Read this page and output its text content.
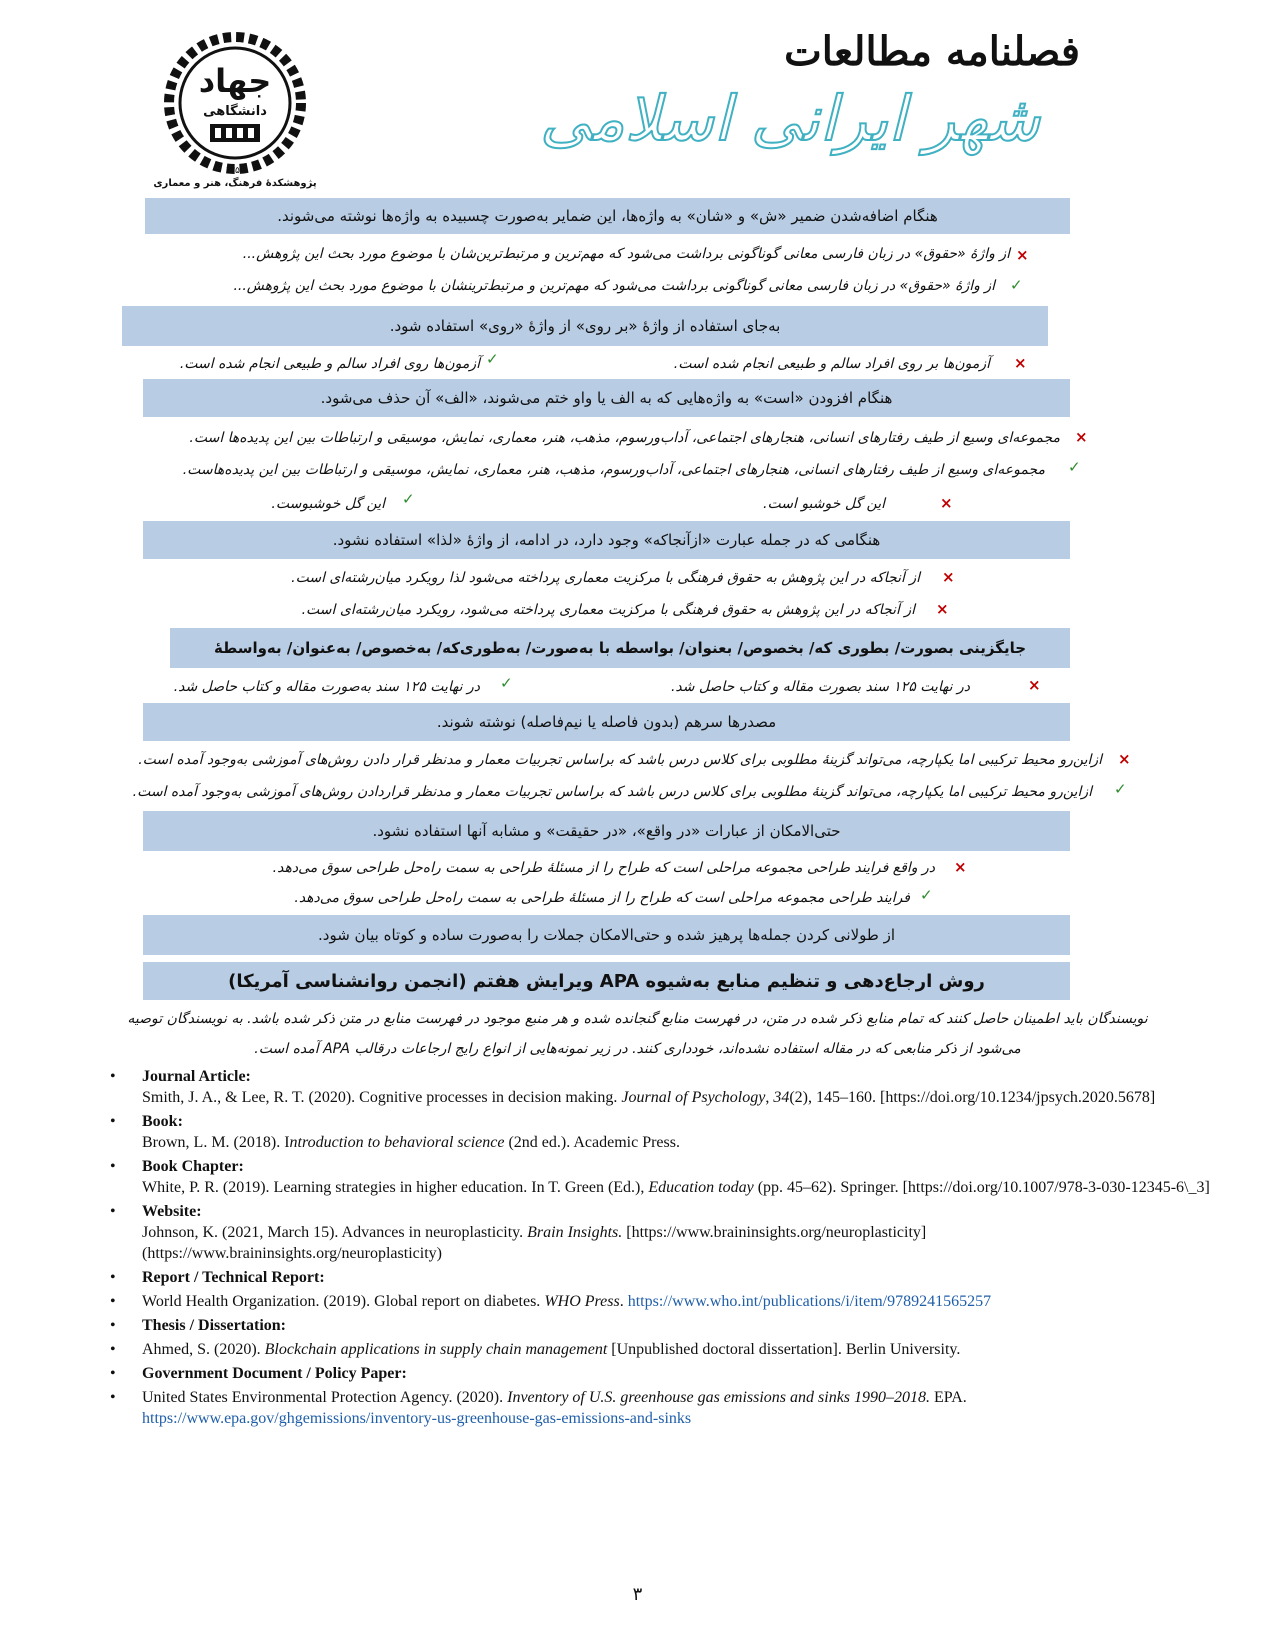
جهاد
دانشگاهی
۱۳۵۹
پژوهشکدهٔ فرهنگ، هنر و معماری
فصلنامه مطالعات
شهر ایرانی اسلامی
هنگام اضافه‌شدن ضمیر «ش» و «شان» به واژه‌ها، این ضمایر به‌صورت چسبیده به واژه‌ها نوشته می‌شوند.
×
از واژهٔ «حقوق» در زبان فارسی معانی گوناگونی برداشت می‌شود که مهم‌ترین و مرتبط‌ترین‌شان با موضوع مورد بحث این پژوهش...
✓
از واژهٔ «حقوق» در زبان فارسی معانی گوناگونی برداشت می‌شود که مهم‌ترین و مرتبط‌ترینشان با موضوع مورد بحث این پژوهش...
به‌جای استفاده از واژهٔ «بر روی» از واژهٔ «روی» استفاده شود.
×
آزمون‌ها بر روی افراد سالم و طبیعی انجام شده است.
✓
آزمون‌ها روی افراد سالم و طبیعی انجام شده است.
هنگام افزودن «است» به واژه‌هایی که به الف یا واو ختم می‌شوند، «الف» آن حذف می‌شود.
×
مجموعه‌ای وسیع از طیف رفتارهای انسانی، هنجارهای اجتماعی، آداب‌ورسوم، مذهب، هنر، معماری، نمایش، موسیقی و ارتباطات بین این پدیده‌ها است.
✓
مجموعه‌ای وسیع از طیف رفتارهای انسانی، هنجارهای اجتماعی، آداب‌ورسوم، مذهب، هنر، معماری، نمایش، موسیقی و ارتباطات بین این پدیده‌هاست.
×
این گل خوشبو است.
✓
این گل خوشبوست.
هنگامی که در جمله عبارت «ازآنجاکه» وجود دارد، در ادامه، از واژهٔ «لذا» استفاده نشود.
×
از آنجاکه در این پژوهش به حقوق فرهنگی با مرکزیت معماری پرداخته می‌شود لذا رویکرد میان‌رشته‌ای است.
×
از آنجاکه در این پژوهش به حقوق فرهنگی با مرکزیت معماری پرداخته می‌شود، رویکرد میان‌رشته‌ای است.
جایگزینی بصورت/ بطوری که/ بخصوص/ بعنوان/ بواسطه با به‌صورت/ به‌طوری‌که/ به‌خصوص/ به‌عنوان/ به‌واسطهٔ
×
در نهایت ۱۲۵ سند بصورت مقاله و کتاب حاصل شد.
✓
در نهایت ۱۲۵ سند به‌صورت مقاله و کتاب حاصل شد.
مصدرها سرهم (بدون فاصله یا نیم‌فاصله) نوشته شوند.
×
ازاین‌رو محیط ترکیبی اما یکپارچه، می‌تواند گزینهٔ مطلوبی برای کلاس درس باشد که براساس تجربیات معمار و مدنظر قرار دادن روش‌های آموزشی به‌وجود آمده است.
✓
ازاین‌رو محیط ترکیبی اما یکپارچه، می‌تواند گزینهٔ مطلوبی برای کلاس درس باشد که براساس تجربیات معمار و مدنظر قراردادن روش‌های آموزشی به‌وجود آمده است.
حتی‌الامکان از عبارات «در واقع»، «در حقیقت» و مشابه آنها استفاده نشود.
×
در واقع فرایند طراحی مجموعه مراحلی است که طراح را از مسئلهٔ طراحی به سمت راه‌حل طراحی سوق می‌دهد.
✓
فرایند طراحی مجموعه مراحلی است که طراح را از مسئلهٔ طراحی به سمت راه‌حل طراحی سوق می‌دهد.
از طولانی کردن جمله‌ها پرهیز شده و حتی‌الامکان جملات را به‌صورت ساده و کوتاه بیان شود.
روش ارجاع‌دهی و تنظیم منابع به‌شیوه APA ویرایش هفتم (انجمن روانشناسی آمریکا)
نویسندگان باید اطمینان حاصل کنند که تمام منابع ذکر شده در متن، در فهرست منابع گنجانده شده و هر منبع موجود در فهرست منابع در متن ذکر شده باشد. به نویسندگان توصیه
می‌شود از ذکر منابعی که در مقاله استفاده نشده‌اند، خودداری کنند. در زیر نمونه‌هایی از انواع رایج ارجاعات درقالب APA آمده است.
• Journal Article:
Smith, J. A., & Lee, R. T. (2020). Cognitive processes in decision making. Journal of Psychology, 34(2), 145–160. [https://doi.org/10.1234/jpsych.2020.5678]
• Book:
Brown, L. M. (2018). Introduction to behavioral science (2nd ed.). Academic Press.
• Book Chapter:
White, P. R. (2019). Learning strategies in higher education. In T. Green (Ed.), Education today (pp. 45–62). Springer. [https://doi.org/10.1007/978-3-030-12345-6\_3]
• Website:
Johnson, K. (2021, March 15). Advances in neuroplasticity. Brain Insights. [https://www.braininsights.org/neuroplasticity] (https://www.braininsights.org/neuroplasticity)
• Report / Technical Report:
• World Health Organization. (2019). Global report on diabetes. WHO Press. https://www.who.int/publications/i/item/9789241565257
• Thesis / Dissertation:
• Ahmed, S. (2020). Blockchain applications in supply chain management [Unpublished doctoral dissertation]. Berlin University.
• Government Document / Policy Paper:
• United States Environmental Protection Agency. (2020). Inventory of U.S. greenhouse gas emissions and sinks 1990–2018. EPA. https://www.epa.gov/ghgemissions/inventory-us-greenhouse-gas-emissions-and-sinks
۳
